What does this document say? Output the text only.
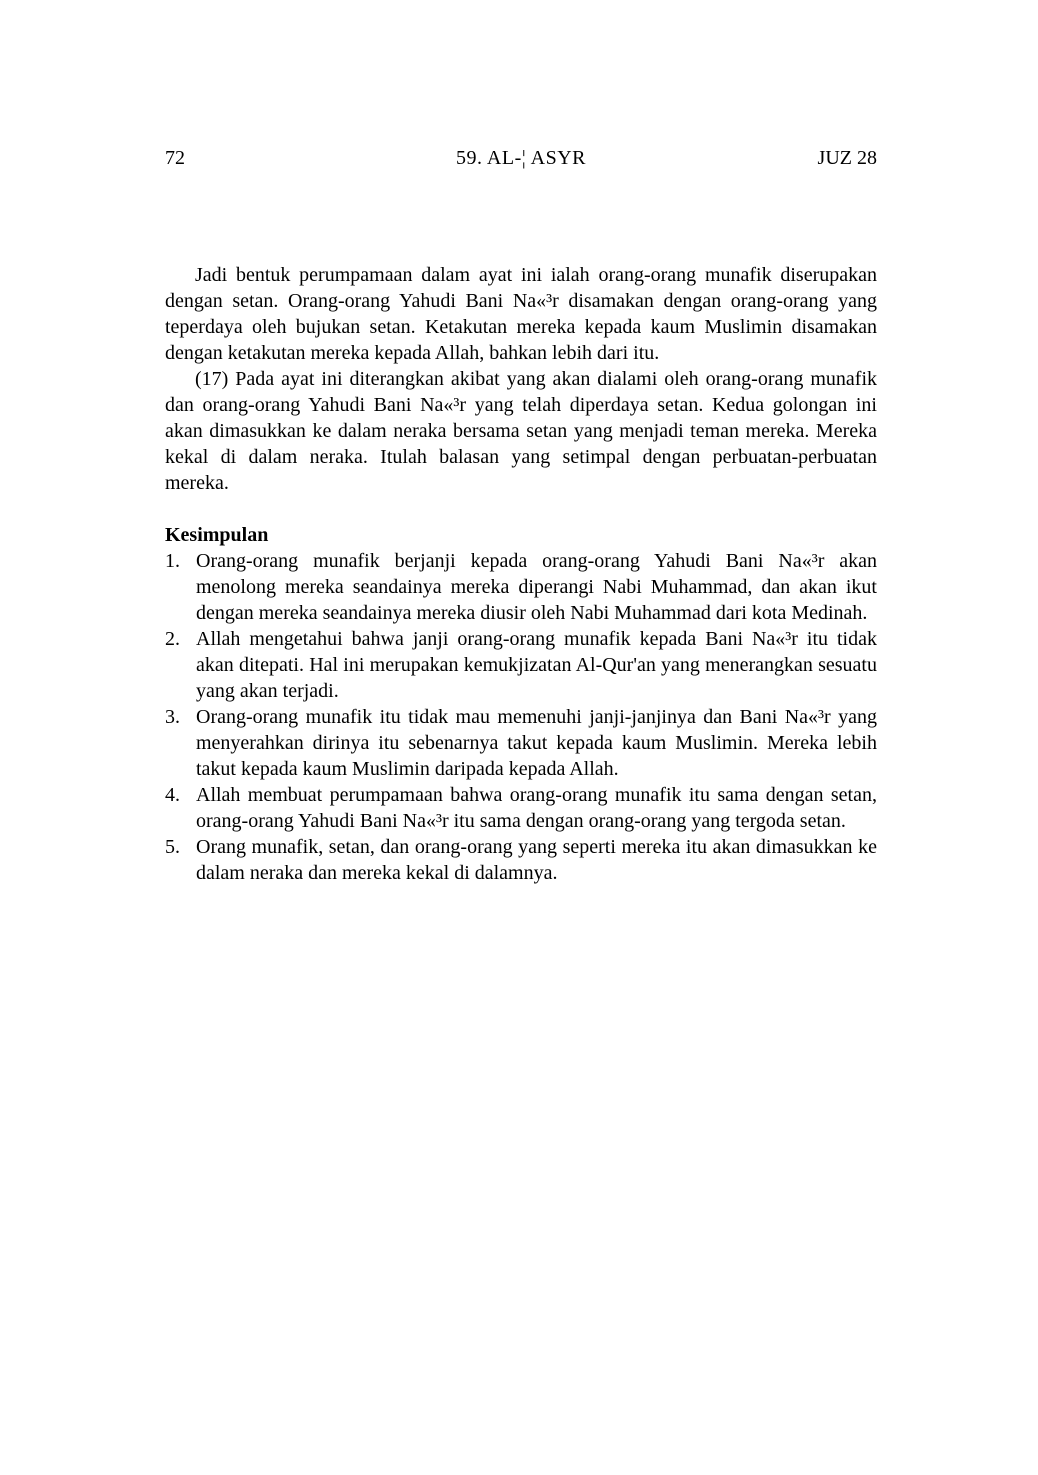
72	59. AL-¦ ASYR	JUZ 28

Jadi bentuk perumpamaan dalam ayat ini ialah orang-orang munafik diserupakan dengan setan. Orang-orang Yahudi Bani Na«³r disamakan dengan orang-orang yang teperdaya oleh bujukan setan. Ketakutan mereka kepada kaum Muslimin disamakan dengan ketakutan mereka kepada Allah, bahkan lebih dari itu.

(17) Pada ayat ini diterangkan akibat yang akan dialami oleh orang-orang munafik dan orang-orang Yahudi Bani Na«³r yang telah diperdaya setan. Kedua golongan ini akan dimasukkan ke dalam neraka bersama setan yang menjadi teman mereka. Mereka kekal di dalam neraka. Itulah balasan yang setimpal dengan perbuatan-perbuatan mereka.

Kesimpulan
1. Orang-orang munafik berjanji kepada orang-orang Yahudi Bani Na«³r akan menolong mereka seandainya mereka diperangi Nabi Muhammad, dan akan ikut dengan mereka seandainya mereka diusir oleh Nabi Muhammad dari kota Medinah.
2. Allah mengetahui bahwa janji orang-orang munafik kepada Bani Na«³r itu tidak akan ditepati. Hal ini merupakan kemukjizatan Al-Qur'an yang menerangkan sesuatu yang akan terjadi.
3. Orang-orang munafik itu tidak mau memenuhi janji-janjinya dan Bani Na«³r yang menyerahkan dirinya itu sebenarnya takut kepada kaum Muslimin. Mereka lebih takut kepada kaum Muslimin daripada kepada Allah.
4. Allah membuat perumpamaan bahwa orang-orang munafik itu sama dengan setan, orang-orang Yahudi Bani Na«³r itu sama dengan orang-orang yang tergoda setan.
5. Orang munafik, setan, dan orang-orang yang seperti mereka itu akan dimasukkan ke dalam neraka dan mereka kekal di dalamnya.
